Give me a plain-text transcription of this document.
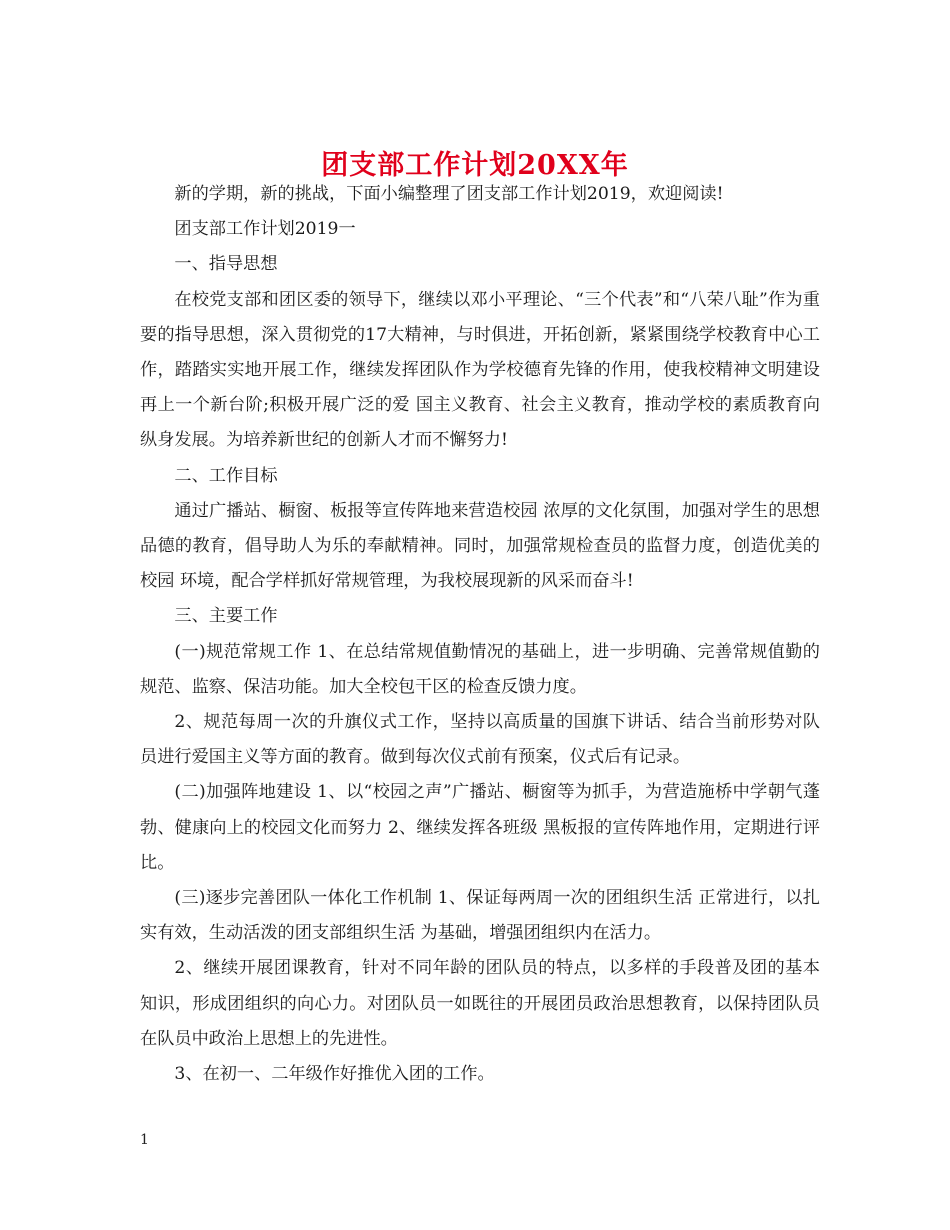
团支部工作计划20XX年

新的学期，新的挑战，下面小编整理了团支部工作计划2019，欢迎阅读!

团支部工作计划2019一

一、指导思想

在校党支部和团区委的领导下，继续以邓小平理论、“三个代表”和“八荣八耻”作为重要的指导思想，深入贯彻党的17大精神，与时俱进，开拓创新，紧紧围绕学校教育中心工作，踏踏实实地开展工作，继续发挥团队作为学校德育先锋的作用，使我校精神文明建设再上一个新台阶;积极开展广泛的爱 国主义教育、社会主义教育，推动学校的素质教育向纵身发展。为培养新世纪的创新人才而不懈努力!

二、工作目标

通过广播站、橱窗、板报等宣传阵地来营造校园 浓厚的文化氛围，加强对学生的思想品德的教育，倡导助人为乐的奉献精神。同时，加强常规检查员的监督力度，创造优美的校园 环境，配合学样抓好常规管理，为我校展现新的风采而奋斗!

三、主要工作

(一)规范常规工作 1、在总结常规值勤情况的基础上，进一步明确、完善常规值勤的规范、监察、保洁功能。加大全校包干区的检查反馈力度。

2、规范每周一次的升旗仪式工作，坚持以高质量的国旗下讲话、结合当前形势对队员进行爱国主义等方面的教育。做到每次仪式前有预案，仪式后有记录。

(二)加强阵地建设 1、以“校园之声”广播站、橱窗等为抓手，为营造施桥中学朝气蓬勃、健康向上的校园文化而努力 2、继续发挥各班级 黑板报的宣传阵地作用，定期进行评比。

(三)逐步完善团队一体化工作机制 1、保证每两周一次的团组织生活 正常进行，以扎实有效，生动活泼的团支部组织生活 为基础，增强团组织内在活力。

2、继续开展团课教育，针对不同年龄的团队员的特点，以多样的手段普及团的基本知识，形成团组织的向心力。对团队员一如既往的开展团员政治思想教育，以保持团队员在队员中政治上思想上的先进性。

3、在初一、二年级作好推优入团的工作。

1
